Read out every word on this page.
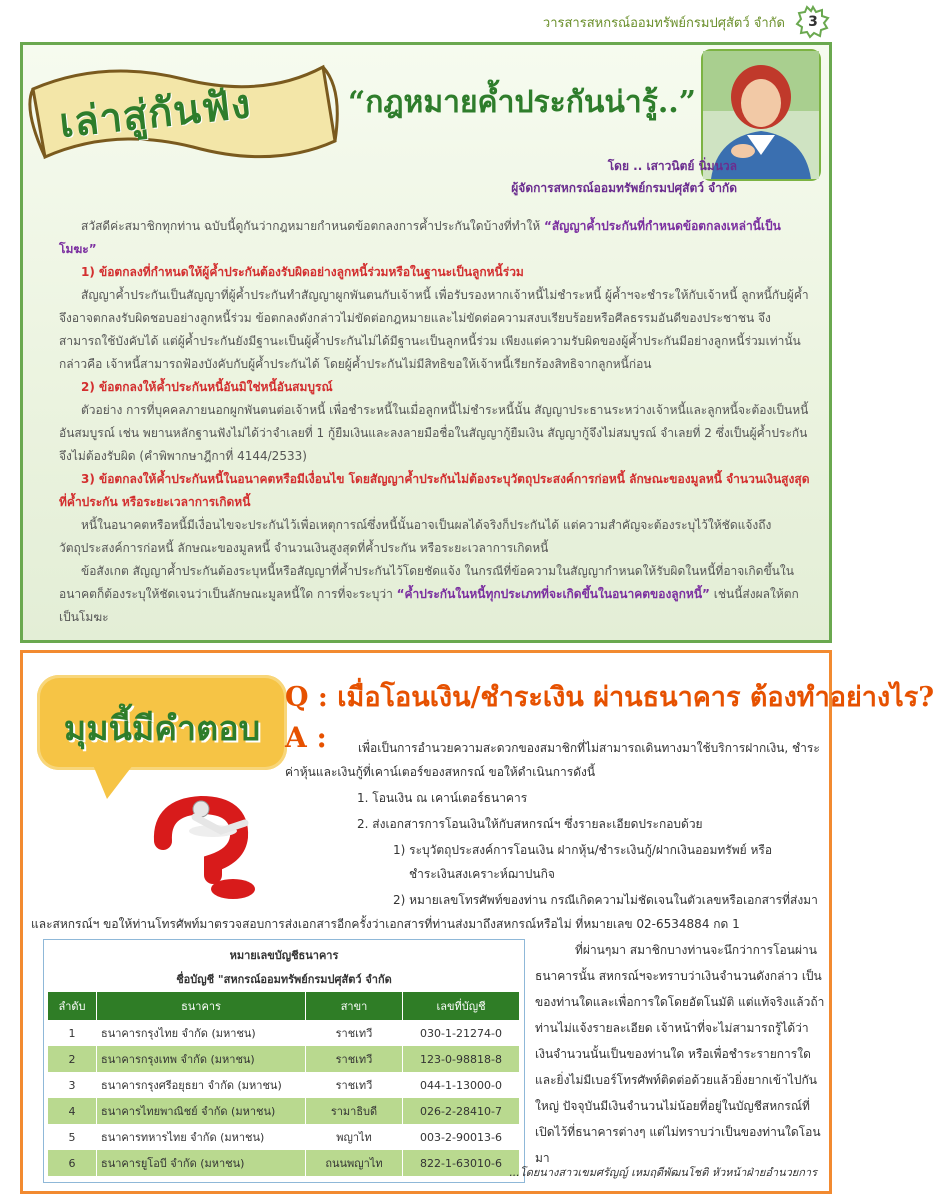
วารสารสหกรณ์ออมทรัพย์กรมปศุสัตว์ จำกัด	3
เล่าสู่กันฟัง	“กฎหมายค้ำประกันน่ารู้..”
โดย .. เสาวนิตย์ นิ่มนวล
ผู้จัดการสหกรณ์ออมทรัพย์กรมปศุสัตว์ จำกัด

สวัสดีค่ะสมาชิกทุกท่าน ฉบับนี้ดูกันว่ากฎหมายกำหนดข้อตกลงการค้ำประกันใดบ้างที่ทำให้ “สัญญาค้ำประกันที่กำหนดข้อตกลงเหล่านี้เป็นโมฆะ”

1) ข้อตกลงที่กำหนดให้ผู้ค้ำประกันต้องรับผิดอย่างลูกหนี้ร่วมหรือในฐานะเป็นลูกหนี้ร่วม

สัญญาค้ำประกันเป็นสัญญาที่ผู้ค้ำประกันทำสัญญาผูกพันตนกับเจ้าหนี้ เพื่อรับรองหากเจ้าหนี้ไม่ชำระหนี้ ผู้ค้ำฯจะชำระให้กับเจ้าหนี้ ลูกหนี้กับผู้ค้ำจึงอาจตกลงรับผิดชอบอย่างลูกหนี้ร่วม ข้อตกลงดังกล่าวไม่ขัดต่อกฎหมายและไม่ขัดต่อความสงบเรียบร้อยหรือศีลธรรมอันดีของประชาชน จึงสามารถใช้บังคับได้ แต่ผู้ค้ำประกันยังมีฐานะเป็นผู้ค้ำประกันไม่ได้มีฐานะเป็นลูกหนี้ร่วม เพียงแต่ความรับผิดของผู้ค้ำประกันมีอย่างลูกหนี้ร่วมเท่านั้น กล่าวคือ เจ้าหนี้สามารถฟ้องบังคับกับผู้ค้ำประกันได้ โดยผู้ค้ำประกันไม่มีสิทธิขอให้เจ้าหนี้เรียกร้องสิทธิจากลูกหนี้ก่อน

2) ข้อตกลงให้ค้ำประกันหนี้อันมิใช่หนี้อันสมบูรณ์

ตัวอย่าง การที่บุคคลภายนอกผูกพันตนต่อเจ้าหนี้ เพื่อชำระหนี้ในเมื่อลูกหนี้ไม่ชำระหนี้นั้น สัญญาประธานระหว่างเจ้าหนี้และลูกหนี้จะต้องเป็นหนี้อันสมบูรณ์ เช่น พยานหลักฐานฟังไม่ได้ว่าจำเลยที่ 1 กู้ยืมเงินและลงลายมือชื่อในสัญญากู้ยืมเงิน สัญญากู้จึงไม่สมบูรณ์ จำเลยที่ 2 ซึ่งเป็นผู้ค้ำประกันจึงไม่ต้องรับผิด (คำพิพากษาฎีกาที่ 4144/2533)

3) ข้อตกลงให้ค้ำประกันหนี้ในอนาคตหรือมีเงื่อนไข โดยสัญญาค้ำประกันไม่ต้องระบุวัตถุประสงค์การก่อหนี้ ลักษณะของมูลหนี้ จำนวนเงินสูงสุดที่ค้ำประกัน หรือระยะเวลาการเกิดหนี้

หนี้ในอนาคตหรือหนี้มีเงื่อนไขจะประกันไว้เพื่อเหตุการณ์ซึ่งหนี้นั้นอาจเป็นผลได้จริงก็ประกันได้ แต่ความสำคัญจะต้องระบุไว้ให้ชัดแจ้งถึงวัตถุประสงค์การก่อหนี้ ลักษณะของมูลหนี้ จำนวนเงินสูงสุดที่ค้ำประกัน หรือระยะเวลาการเกิดหนี้

ข้อสังเกต สัญญาค้ำประกันต้องระบุหนี้หรือสัญญาที่ค้ำประกันไว้โดยชัดแจ้ง ในกรณีที่ข้อความในสัญญากำหนดให้รับผิดในหนี้ที่อาจเกิดขึ้นในอนาคตก็ต้องระบุให้ชัดเจนว่าเป็นลักษณะมูลหนี้ใด การที่จะระบุว่า “ค้ำประกันในหนี้ทุกประเภทที่จะเกิดขึ้นในอนาคตของลูกหนี้” เช่นนี้ส่งผลให้ตกเป็นโมฆะ

มุมนี้มีคำตอบ
Q : เมื่อโอนเงิน/ชำระเงิน ผ่านธนาคาร ต้องทำอย่างไร?
A :	เพื่อเป็นการอำนวยความสะดวกของสมาชิกที่ไม่สามารถเดินทางมาใช้บริการฝากเงิน, ชำระ
ค่าหุ้นและเงินกู้ที่เคาน์เตอร์ของสหกรณ์ ขอให้ดำเนินการดังนี้
1. โอนเงิน ณ เคาน์เตอร์ธนาคาร
2. ส่งเอกสารการโอนเงินให้กับสหกรณ์ฯ ซึ่งรายละเอียดประกอบด้วย
1) ระบุวัตถุประสงค์การโอนเงิน ฝากหุ้น/ชำระเงินกู้/ฝากเงินออมทรัพย์ หรือ
ชำระเงินสงเคราะห์ฌาปนกิจ
2) หมายเลขโทรศัพท์ของท่าน กรณีเกิดความไม่ชัดเจนในตัวเลขหรือเอกสารที่ส่งมา
และสหกรณ์ฯ ขอให้ท่านโทรศัพท์มาตรวจสอบการส่งเอกสารอีกครั้งว่าเอกสารที่ท่านส่งมาถึงสหกรณ์หรือไม่ ที่หมายเลข 02-6534884 กด 1
หมายเลขบัญชีธนาคาร
ชื่อบัญชี "สหกรณ์ออมทรัพย์กรมปศุสัตว์ จำกัด
ลำดับ	ธนาคาร	สาขา	เลขที่บัญชี
1	ธนาคารกรุงไทย จำกัด (มหาชน)	ราชเทวี	030-1-21274-0
2	ธนาคารกรุงเทพ จำกัด (มหาชน)	ราชเทวี	123-0-98818-8
3	ธนาคารกรุงศรีอยุธยา จำกัด (มหาชน)	ราชเทวี	044-1-13000-0
4	ธนาคารไทยพาณิชย์ จำกัด (มหาชน)	รามาธิบดี	026-2-28410-7
5	ธนาคารทหารไทย จำกัด (มหาชน)	พญาไท	003-2-90013-6
6	ธนาคารยูโอบี จำกัด (มหาชน)	ถนนพญาไท	822-1-63010-6

ที่ผ่านๆมา สมาชิกบางท่านจะนึกว่าการโอนผ่านธนาคารนั้น สหกรณ์ฯจะทราบว่าเงินจำนวนดังกล่าว เป็นของท่านใดและเพื่อการใดโดยอัตโนมัติ แต่แท้จริงแล้วถ้าท่านไม่แจ้งรายละเอียด เจ้าหน้าที่จะไม่สามารถรู้ได้ว่าเงินจำนวนนั้นเป็นของท่านใด หรือเพื่อชำระรายการใด และยิ่งไม่มีเบอร์โทรศัพท์ติดต่อด้วยแล้วยิ่งยากเข้าไปกันใหญ่ ปัจจุบันมีเงินจำนวนไม่น้อยที่อยู่ในบัญชีสหกรณ์ที่เปิดไว้ที่ธนาคารต่างๆ แต่ไม่ทราบว่าเป็นของท่านใดโอนมา

...โดยนางสาวเขมศรัญญ์ เหมฤดีพัฒนโชติ หัวหน้าฝ่ายอำนวยการ
